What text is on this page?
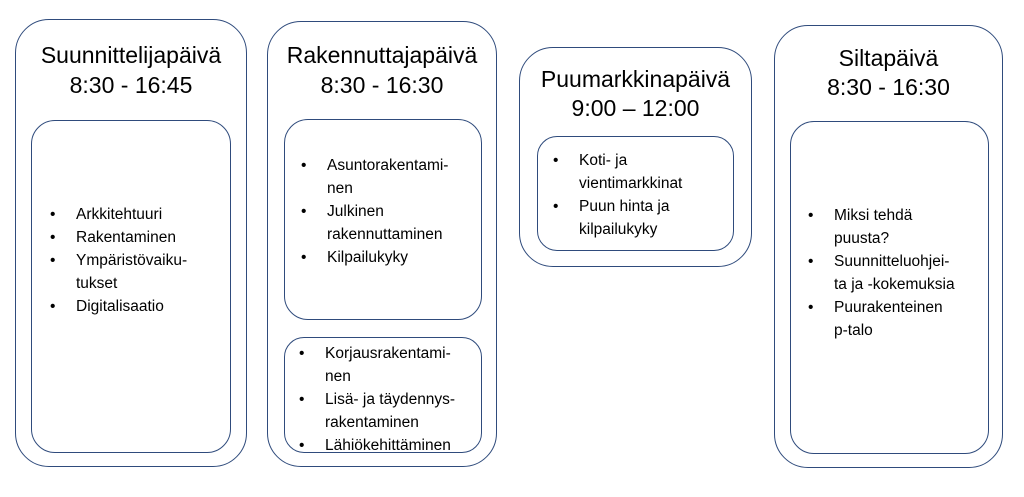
Suunnittelijapäivä
8:30 - 16:45
• Arkkitehtuuri
• Rakentaminen
• Ympäristövaiku-
tukset
• Digitalisaatio
Rakennuttajapäivä
8:30 - 16:30
• Asuntorakentami-
nen
• Julkinen
rakennuttaminen
• Kilpailukyky
• Korjausrakentami-
nen
• Lisä- ja täydennys-
rakentaminen
• Lähiökehittäminen
Puumarkkinapäivä
9:00 – 12:00
• Koti- ja
vientimarkkinat
• Puun hinta ja
kilpailukyky
Siltapäivä
8:30 - 16:30
• Miksi tehdä
puusta?
• Suunnitteluohjei-
ta ja -kokemuksia
• Puurakenteinen
p-talo
